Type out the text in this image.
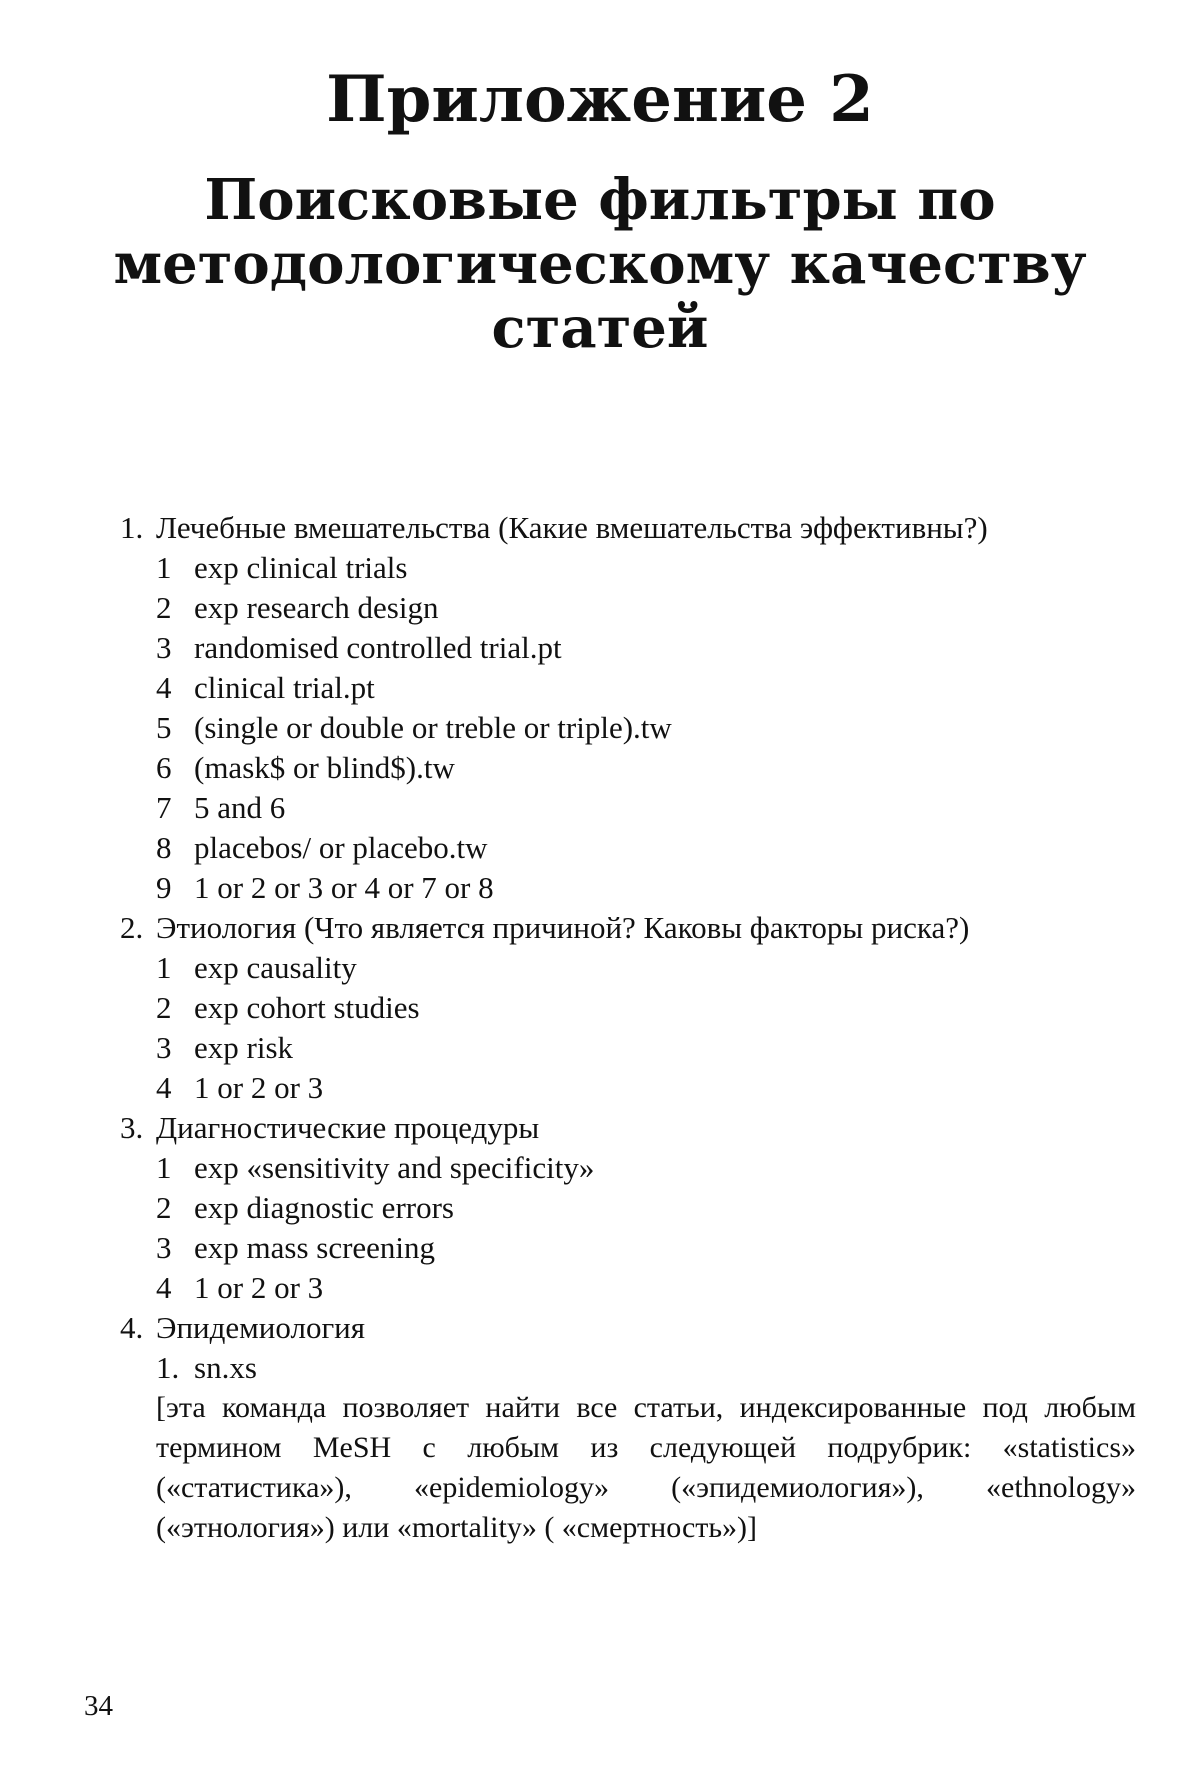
Приложение 2
Поисковые фильтры по
методологическому качеству
статей
1. Лечебные вмешательства (Какие вмешательства эффективны?)
1 exp clinical trials
2 exp research design
3 randomised controlled trial.pt
4 clinical trial.pt
5 (single or double or treble or triple).tw
6 (mask$ or blind$).tw
7 5 and 6
8 placebos/ or placebo.tw
9 1 or 2 or 3 or 4 or 7 or 8
2. Этиология (Что является причиной? Каковы факторы риска?)
1 exp causality
2 exp cohort studies
3 exp risk
4 1 or 2 or 3
3. Диагностические процедуры
1 exp «sensitivity and specificity»
2 exp diagnostic errors
3 exp mass screening
4 1 or 2 or 3
4. Эпидемиология
1. sn.xs
[эта команда позволяет найти все статьи, индексированные под любым термином MeSH с любым из следующей подрубрик: «statistics» («статистика»), «epidemiology» («эпидемиология»), «ethnology» («этнология») или «mortality» ( «смертность»)]
34
